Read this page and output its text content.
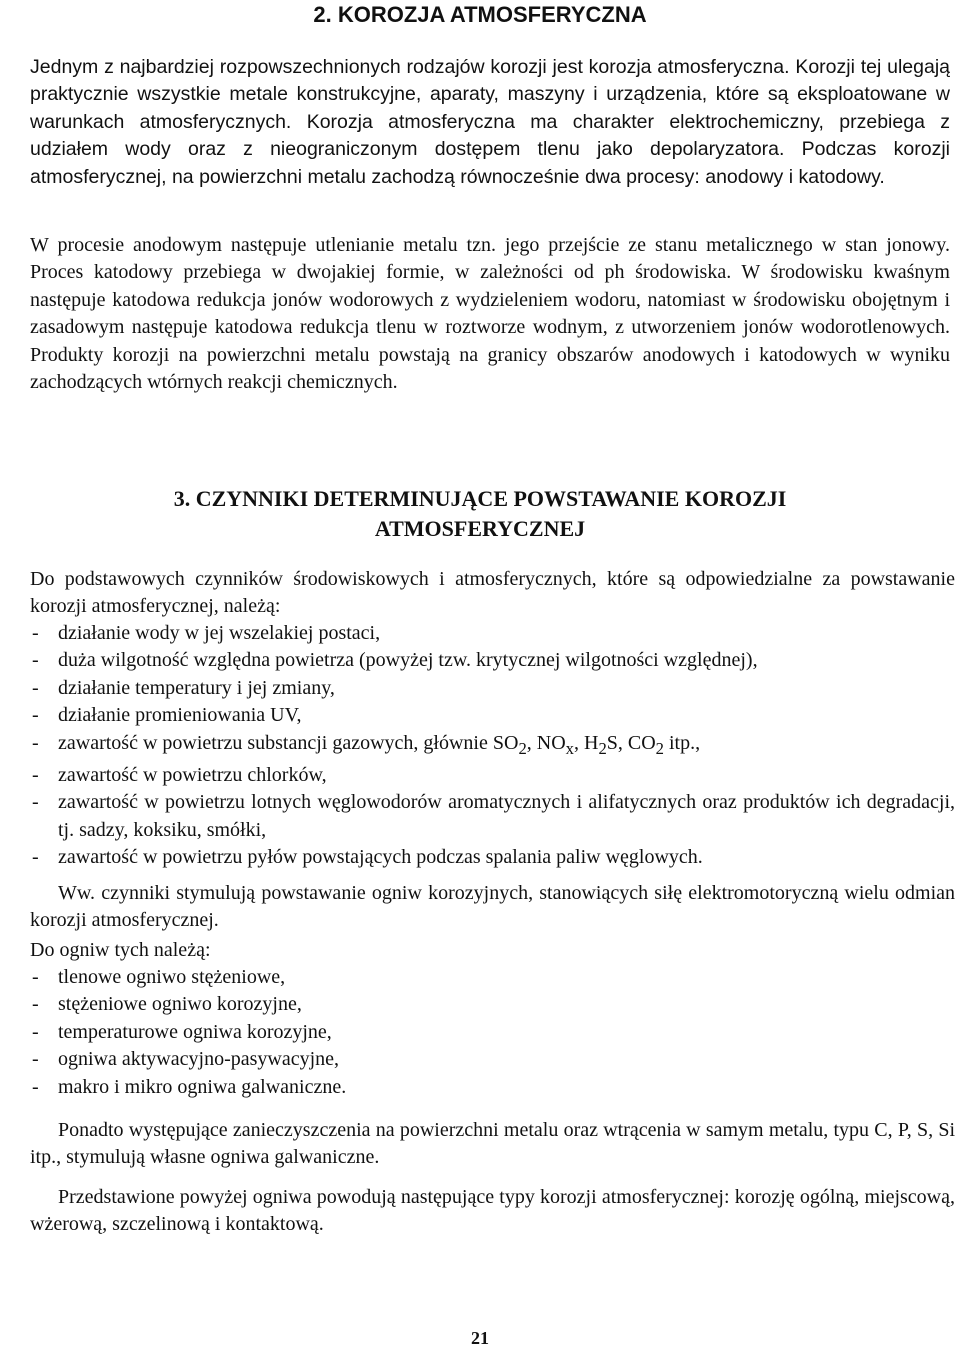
2. KOROZJA ATMOSFERYCZNA

Jednym z najbardziej rozpowszechnionych rodzajów korozji jest korozja atmosferyczna. Korozji tej ulegają praktycznie wszystkie metale konstrukcyjne, aparaty, maszyny i urządzenia, które są eksploatowane w warunkach atmosferycznych. Korozja atmosferyczna ma charakter elektrochemiczny, przebiega z udziałem wody oraz z nieograniczonym dostępem tlenu jako depolaryzatora. Podczas korozji atmosferycznej, na powierzchni metalu zachodzą równocześnie dwa procesy: anodowy i katodowy.

W procesie anodowym następuje utlenianie metalu tzn. jego przejście ze stanu metalicznego w stan jonowy. Proces katodowy przebiega w dwojakiej formie, w zależności od ph środowiska. W środowisku kwaśnym następuje katodowa redukcja jonów wodorowych z wydzieleniem wodoru, natomiast w środowisku obojętnym i zasadowym następuje katodowa redukcja tlenu w roztworze wodnym, z utworzeniem jonów wodorotlenowych. Produkty korozji na powierzchni metalu powstają na granicy obszarów anodowych i katodowych w wyniku zachodzących wtórnych reakcji chemicznych.

3. CZYNNIKI DETERMINUJĄCE POWSTAWANIE KOROZJI
ATMOSFERYCZNEJ

Do podstawowych czynników środowiskowych i atmosferycznych, które są odpowiedzialne za powstawanie korozji atmosferycznej, należą:

- działanie wody w jej wszelakiej postaci,
- duża wilgotność względna powietrza (powyżej tzw. krytycznej wilgotności względnej),
- działanie temperatury i jej zmiany,
- działanie promieniowania UV,
- zawartość w powietrzu substancji gazowych, głównie $SO_2$, $NO_x$, $H_2S$, $CO_2$ itp.,
- zawartość w powietrzu chlorków,
- zawartość w powietrzu lotnych węglowodorów aromatycznych i alifatycznych oraz produktów ich degradacji, tj. sadzy, koksiku, smółki,
- zawartość w powietrzu pyłów powstających podczas spalania paliw węglowych.

Ww. czynniki stymulują powstawanie ogniw korozyjnych, stanowiących siłę elektromotoryczną wielu odmian korozji atmosferycznej.

Do ogniw tych należą:

- tlenowe ogniwo stężeniowe,
- stężeniowe ogniwo korozyjne,
- temperaturowe ogniwa korozyjne,
- ogniwa aktywacyjno-pasywacyjne,
- makro i mikro ogniwa galwaniczne.

Ponadto występujące zanieczyszczenia na powierzchni metalu oraz wtrącenia w samym metalu, typu C, P, S, Si itp., stymulują własne ogniwa galwaniczne.

Przedstawione powyżej ogniwa powodują następujące typy korozji atmosferycznej: korozję ogólną, miejscową, wżerową, szczelinową i kontaktową.

21
